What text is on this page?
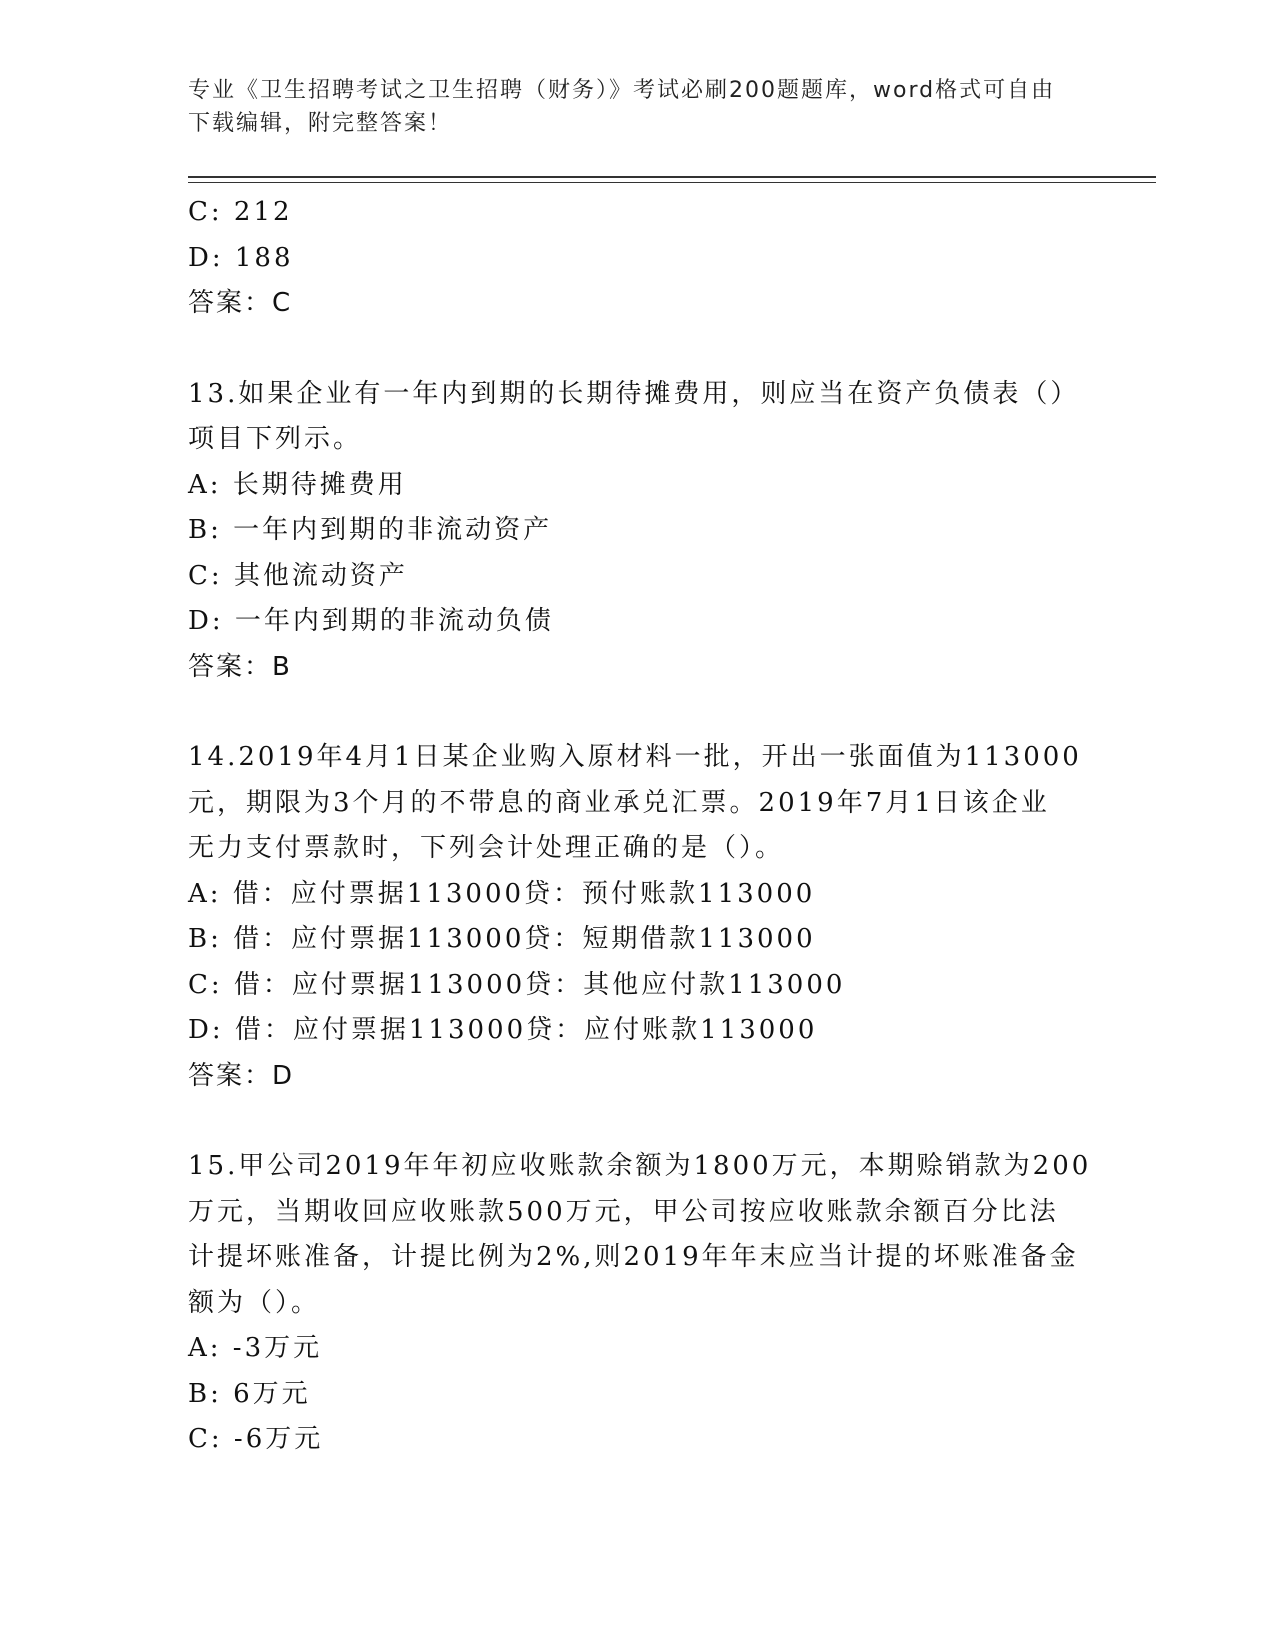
专业《卫生招聘考试之卫生招聘（财务）》考试必刷200题题库，word格式可自由下载编辑，附完整答案！
C: 212
D: 188
答案：C
13.如果企业有一年内到期的长期待摊费用，则应当在资产负债表（）
项目下列示。
A: 长期待摊费用
B: 一年内到期的非流动资产
C: 其他流动资产
D: 一年内到期的非流动负债
答案：B
14.2019年4月1日某企业购入原材料一批，开出一张面值为113000
元，期限为3个月的不带息的商业承兑汇票。2019年7月1日该企业
无力支付票款时，下列会计处理正确的是（）。
A: 借：应付票据113000贷：预付账款113000
B: 借：应付票据113000贷：短期借款113000
C: 借：应付票据113000贷：其他应付款113000
D: 借：应付票据113000贷：应付账款113000
答案：D
15.甲公司2019年年初应收账款余额为1800万元，本期赊销款为200
万元，当期收回应收账款500万元，甲公司按应收账款余额百分比法
计提坏账准备，计提比例为2%,则2019年年末应当计提的坏账准备金
额为（）。
A: -3万元
B: 6万元
C: -6万元
